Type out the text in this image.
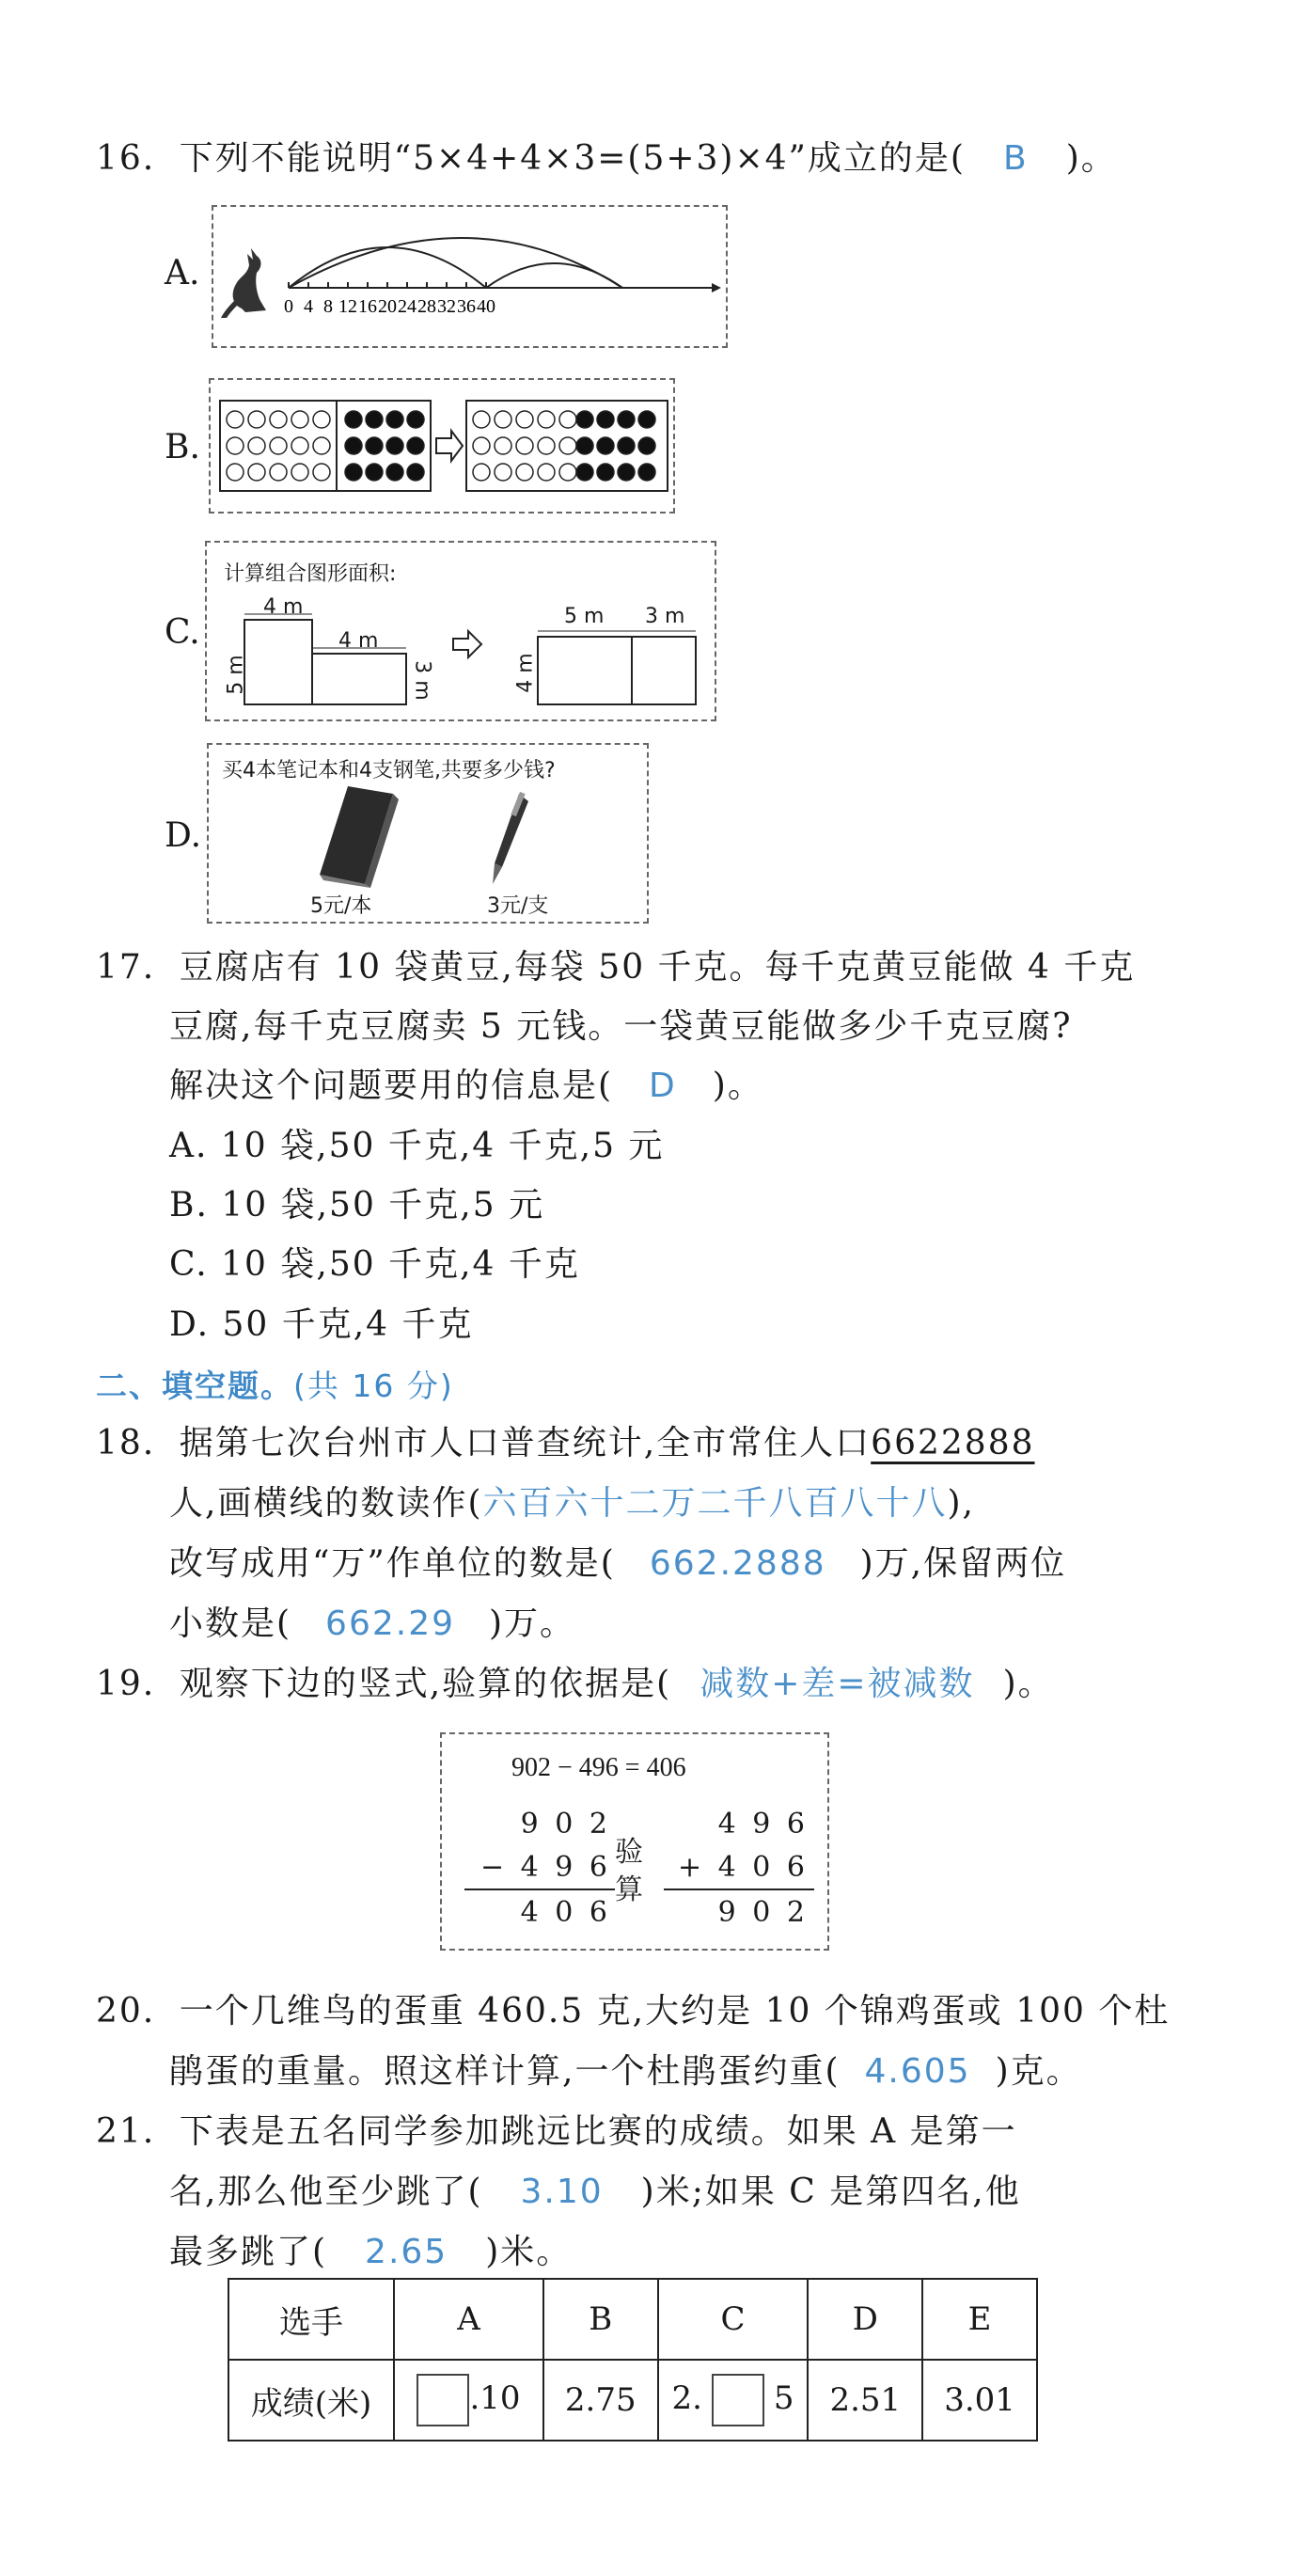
16. 下列不能说明“5×4+4×3=(5+3)×4”成立的是( B )。
A.
0 4 8 12 16 20 24 28 32 36 40
B.
C.
计算组合图形面积:
4 m
5 m
4 m
3 m
5 m 3 m
4 m
D.
买4本笔记本和4支钢笔,共要多少钱?
5元/本	3元/支
17. 豆腐店有 10 袋黄豆,每袋 50 千克。每千克黄豆能做 4 千克
豆腐,每千克豆腐卖 5 元钱。一袋黄豆能做多少千克豆腐?
解决这个问题要用的信息是( D )。
A. 10 袋,50 千克,4 千克,5 元
B. 10 袋,50 千克,5 元
C. 10 袋,50 千克,4 千克
D. 50 千克,4 千克
二、填空题。(共 16 分)
18. 据第七次台州市人口普查统计,全市常住人口6622888
人,画横线的数读作(六百六十二万二千八百八十八),
改写成用“万”作单位的数是( 662.2888 )万,保留两位
小数是( 662.29 )万。
19. 观察下边的竖式,验算的依据是( 减数+差=被减数 )。
902 − 496 = 406
9 0 2
− 4 9 6
4 0 6
验
算
4 9 6
+ 4 0 6
9 0 2
20. 一个几维鸟的蛋重 460.5 克,大约是 10 个锦鸡蛋或 100 个杜
鹃蛋的重量。照这样计算,一个杜鹃蛋约重( 4.605 )克。
21. 下表是五名同学参加跳远比赛的成绩。如果 A 是第一
名,那么他至少跳了( 3.10 )米;如果 C 是第四名,他
最多跳了( 2.65 )米。
选手	A	B	C	D	E
成绩(米)	.10	2.75	2. 5	2.51	3.01
